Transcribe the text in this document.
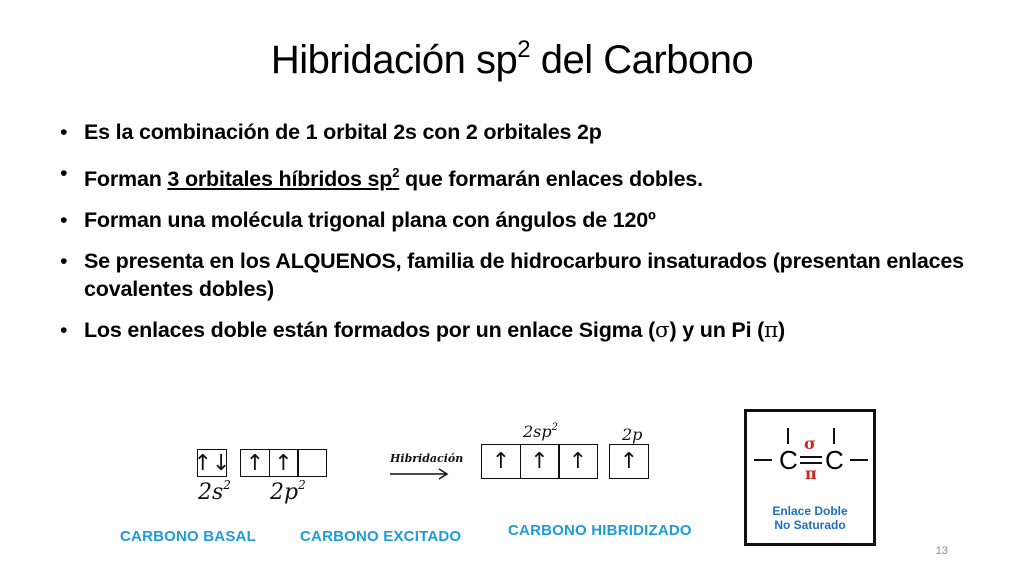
Hibridación $sp^2$ del Carbono
• Es la combinación de 1 orbital 2s con 2 orbitales 2p
• Forman 3 orbitales híbridos $sp^2$ que formarán enlaces dobles.
• Forman una molécula trigonal plana con ángulos de 120º
• Se presenta en los ALQUENOS, familia de hidrocarburo insaturados (presentan enlaces covalentes dobles)
• Los enlaces doble están formados por un enlace Sigma (σ) y un Pi (π)
↑↓ ↑ ↑
$2s^2$ $2p^2$
Hibridación
$2sp^2$	2p
↑ ↑ ↑	↑
CARBONO BASAL	CARBONO EXCITADO	CARBONO HIBRIDIZADO
C C
σ
π
Enlace Doble
No Saturado
13
